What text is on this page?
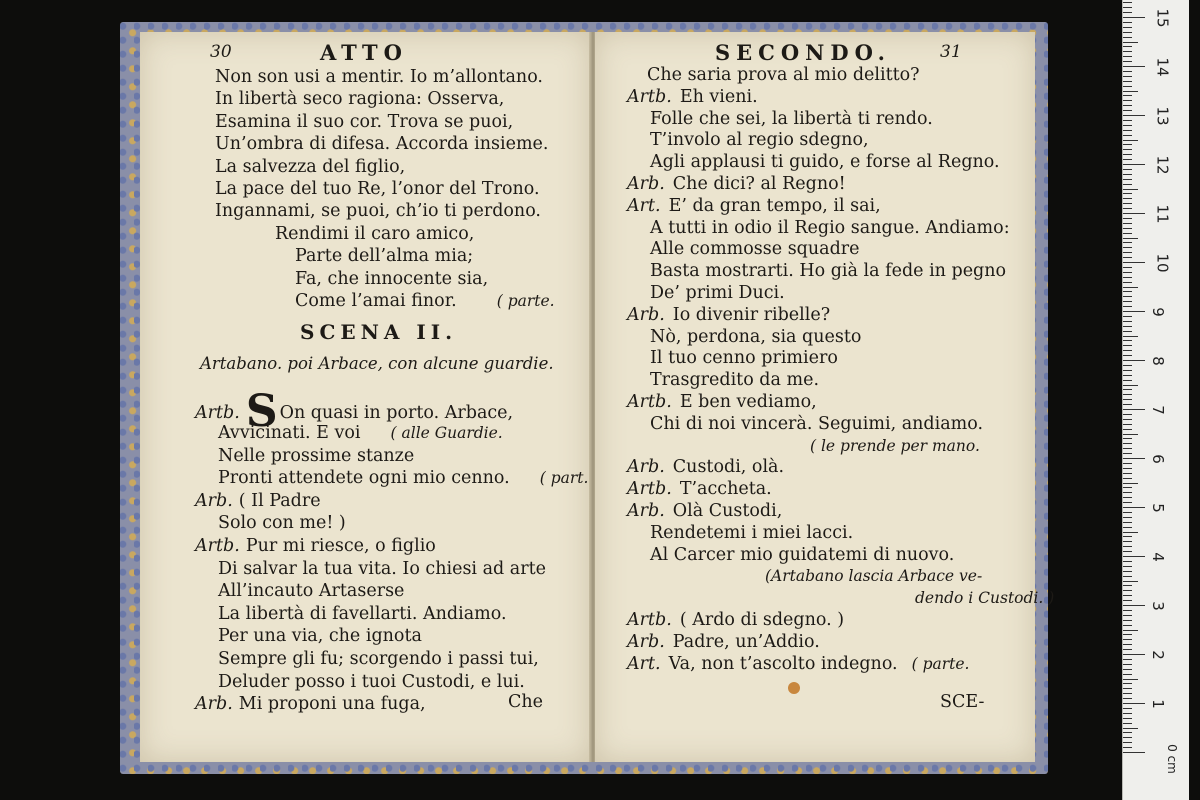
30	ATTO
Non son usi a mentir. Io m’allontano.
In libertà seco ragiona: Osserva,
Esamina il suo cor. Trova se puoi,
Un’ombra di difesa. Accorda insieme.
La salvezza del figlio,
La pace del tuo Re, l’onor del Trono.
Ingannami, se puoi, ch’io ti perdono.
Rendimi il caro amico,
Parte dell’alma mia;
Fa, che innocente sia,
Come l’amai finor.	( parte.
SCENA II.
Artabano. poi Arbace, con alcune guardie.
Artb. S On quasi in porto. Arbace,
Avvicinati. E voi ( alle Guardie.
Nelle prossime stanze
Pronti attendete ogni mio cenno. ( part.
Arb. ( Il Padre
Solo con me! )
Artb. Pur mi riesce, o figlio
Di salvar la tua vita. Io chiesi ad arte
All’incauto Artaserse
La libertà di favellarti. Andiamo.
Per una via, che ignota
Sempre gli fu; scorgendo i passi tui,
Deluder posso i tuoi Custodi, e lui.
Arb. Mi proponi una fuga,	Che
SECONDO.	31
Che saria prova al mio delitto?
Artb. Eh vieni.
Folle che sei, la libertà ti rendo.
T’involo al regio sdegno,
Agli applausi ti guido, e forse al Regno.
Arb. Che dici? al Regno!
Art. E’ da gran tempo, il sai,
A tutti in odio il Regio sangue. Andiamo:
Alle commosse squadre
Basta mostrarti. Ho già la fede in pegno
De’ primi Duci.
Arb. Io divenir ribelle?
Nò, perdona, sia questo
Il tuo cenno primiero
Trasgredito da me.
Artb. E ben vediamo,
Chi di noi vincerà. Seguimi, andiamo.
( le prende per mano.
Arb. Custodi, olà.
Artb. T’accheta.
Arb. Olà Custodi,
Rendetemi i miei lacci.
Al Carcer mio guidatemi di nuovo.
(Artabano lascia Arbace ve-
dendo i Custodi. )
Artb. ( Ardo di sdegno. )
Arb. Padre, un’Addio.
Art. Va, non t’ascolto indegno. ( parte.
SCE-	1
2
3
4
5
6
7
8
9
10
11
12
13
14
15
0 cm
